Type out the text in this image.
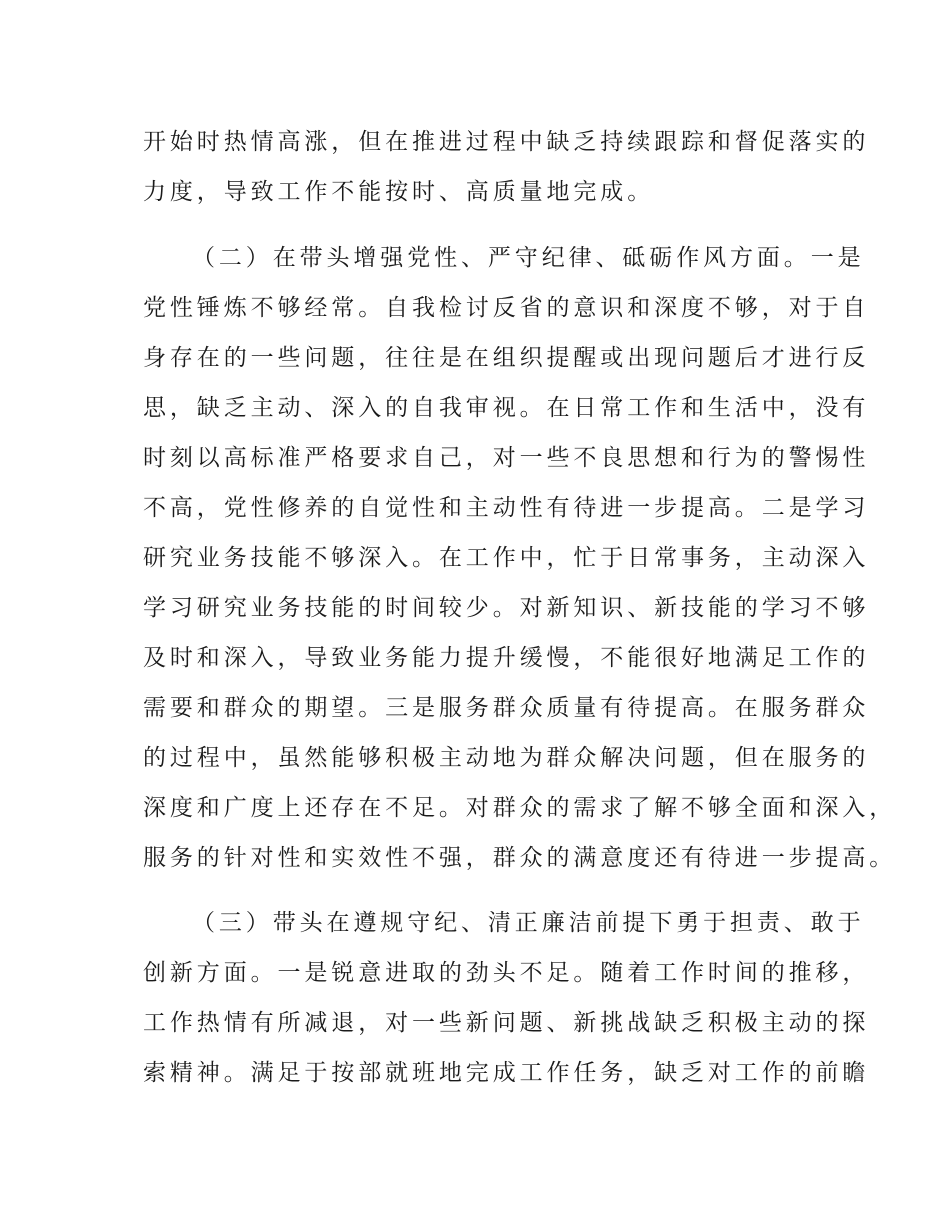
开始时热情高涨，但在推进过程中缺乏持续跟踪和督促落实的
力度，导致工作不能按时、高质量地完成。
（二）在带头增强党性、严守纪律、砥砺作风方面。一是
党性锤炼不够经常。自我检讨反省的意识和深度不够，对于自
身存在的一些问题，往往是在组织提醒或出现问题后才进行反
思，缺乏主动、深入的自我审视。在日常工作和生活中，没有
时刻以高标准严格要求自己，对一些不良思想和行为的警惕性
不高，党性修养的自觉性和主动性有待进一步提高。二是学习
研究业务技能不够深入。在工作中，忙于日常事务，主动深入
学习研究业务技能的时间较少。对新知识、新技能的学习不够
及时和深入，导致业务能力提升缓慢，不能很好地满足工作的
需要和群众的期望。三是服务群众质量有待提高。在服务群众
的过程中，虽然能够积极主动地为群众解决问题，但在服务的
深度和广度上还存在不足。对群众的需求了解不够全面和深入，
服务的针对性和实效性不强，群众的满意度还有待进一步提高。
（三）带头在遵规守纪、清正廉洁前提下勇于担责、敢于
创新方面。一是锐意进取的劲头不足。随着工作时间的推移，
工作热情有所减退，对一些新问题、新挑战缺乏积极主动的探
索精神。满足于按部就班地完成工作任务，缺乏对工作的前瞻
